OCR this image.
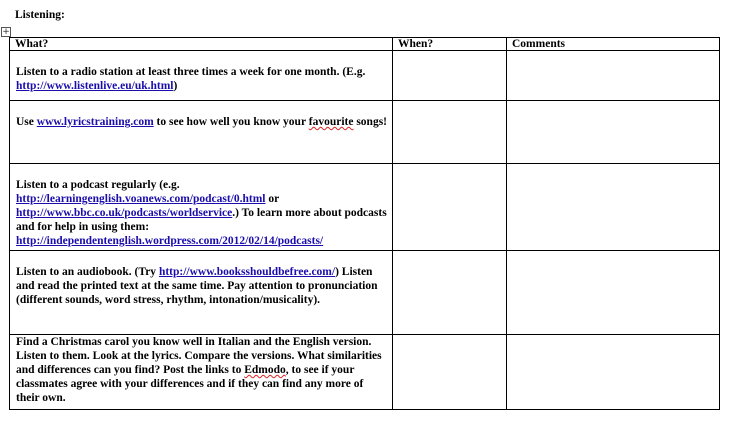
Listening:
+
What?	When?	Comments
Listen to a radio station at least three times a week for one month. (E.g. http://www.listenlive.eu/uk.html)		
Use www.lyricstraining.com to see how well you know your favourite songs!		
Listen to a podcast regularly (e.g. http://learningenglish.voanews.com/podcast/0.html or http://www.bbc.co.uk/podcasts/worldservice.) To learn more about podcasts and for help in using them: http://independentenglish.wordpress.com/2012/02/14/podcasts/		
Listen to an audiobook. (Try http://www.booksshouldbefree.com/) Listen and read the printed text at the same time. Pay attention to pronunciation (different sounds, word stress, rhythm, intonation/musicality).		
Find a Christmas carol you know well in Italian and the English version. Listen to them. Look at the lyrics. Compare the versions. What similarities and differences can you find? Post the links to Edmodo, to see if your classmates agree with your differences and if they can find any more of their own.		
